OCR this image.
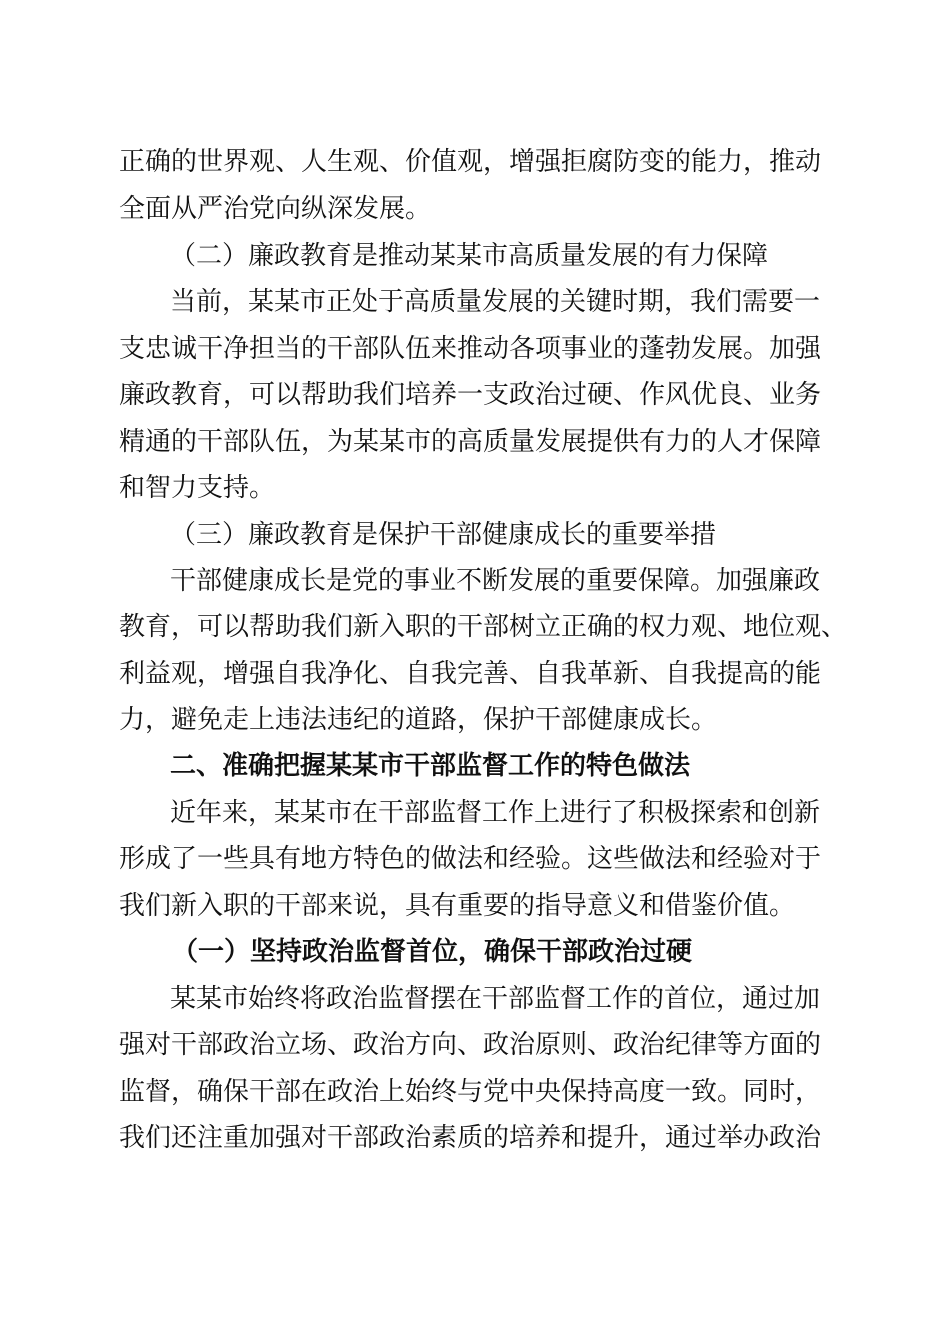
正确的世界观、人生观、价值观，增强拒腐防变的能力，推动
全面从严治党向纵深发展。
（二）廉政教育是推动某某市高质量发展的有力保障
当前，某某市正处于高质量发展的关键时期，我们需要一
支忠诚干净担当的干部队伍来推动各项事业的蓬勃发展。加强
廉政教育，可以帮助我们培养一支政治过硬、作风优良、业务
精通的干部队伍，为某某市的高质量发展提供有力的人才保障
和智力支持。
（三）廉政教育是保护干部健康成长的重要举措
干部健康成长是党的事业不断发展的重要保障。加强廉政
教育，可以帮助我们新入职的干部树立正确的权力观、地位观、
利益观，增强自我净化、自我完善、自我革新、自我提高的能
力，避免走上违法违纪的道路，保护干部健康成长。
二、准确把握某某市干部监督工作的特色做法
近年来，某某市在干部监督工作上进行了积极探索和创新
形成了一些具有地方特色的做法和经验。这些做法和经验对于
我们新入职的干部来说，具有重要的指导意义和借鉴价值。
（一）坚持政治监督首位，确保干部政治过硬
某某市始终将政治监督摆在干部监督工作的首位，通过加
强对干部政治立场、政治方向、政治原则、政治纪律等方面的
监督，确保干部在政治上始终与党中央保持高度一致。同时，
我们还注重加强对干部政治素质的培养和提升，通过举办政治
